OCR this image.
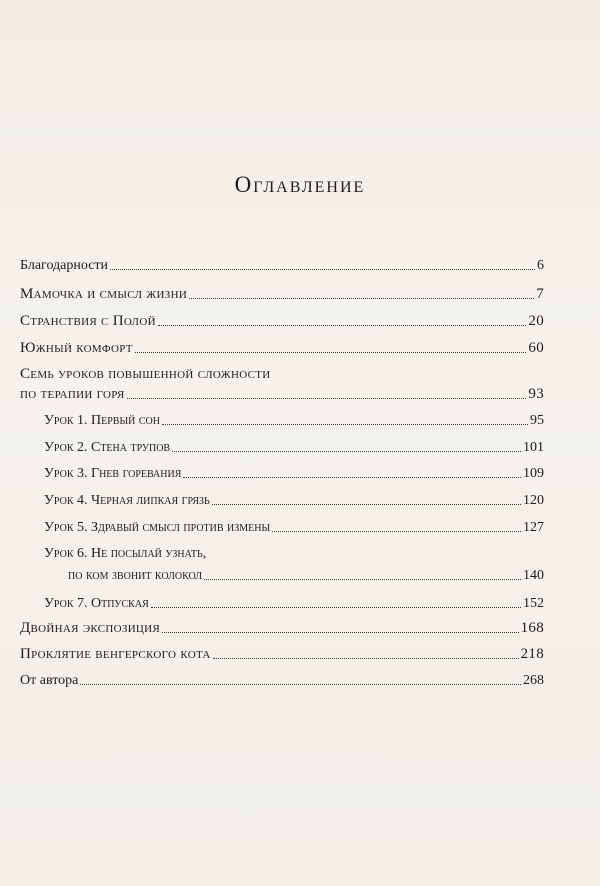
Оглавление
Благодарности	6
Мамочка и смысл жизни	7
Странствия с Полой	20
Южный комфорт	60
Семь уроков повышенной сложности
по терапии горя	93
Урок 1. Первый сон	95
Урок 2. Стена трупов	101
Урок 3. Гнев горевания	109
Урок 4. Черная липкая грязь	120
Урок 5. Здравый смысл против измены	127
Урок 6. Не посылай узнать,
по ком звонит колокол	140
Урок 7. Отпуская	152
Двойная экспозиция	168
Проклятие венгерского кота	218
От автора	268
